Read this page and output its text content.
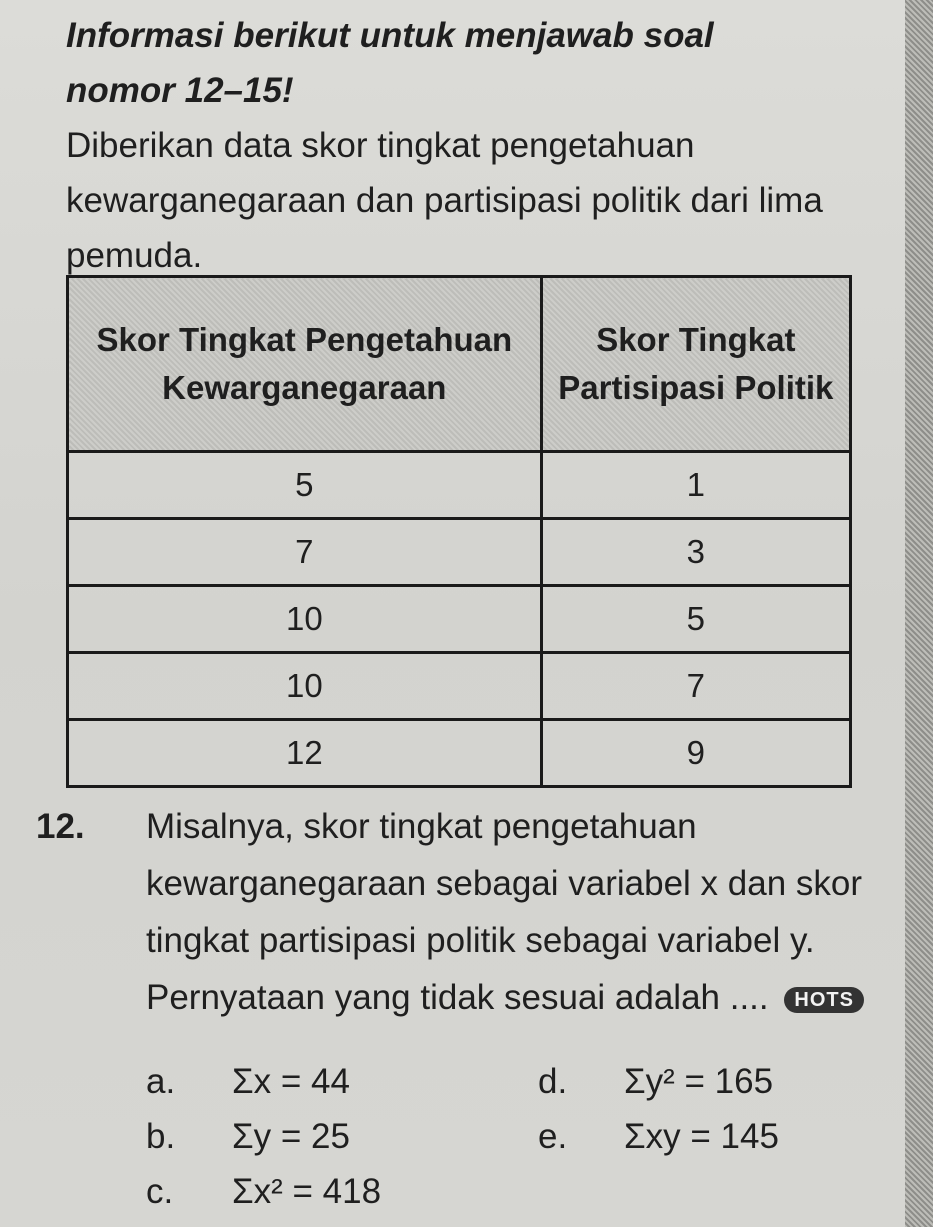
Informasi berikut untuk menjawab soal

nomor 12–15!

Diberikan data skor tingkat pengetahuan kewarganegaraan dan partisipasi politik dari lima pemuda.

Skor Tingkat Pengetahuan Kewarganegaraan	Skor Tingkat Partisipasi Politik
5	1
7	3
10	5
10	7
12	9
12. Misalnya, skor tingkat pengetahuan kewarganegaraan sebagai variabel x dan skor tingkat partisipasi politik sebagai variabel y. Pernyataan yang tidak sesuai adalah .... HOTS
a. Σx = 44
b. Σy = 25
c. Σx² = 418
d. Σy² = 165
e. Σxy = 145
